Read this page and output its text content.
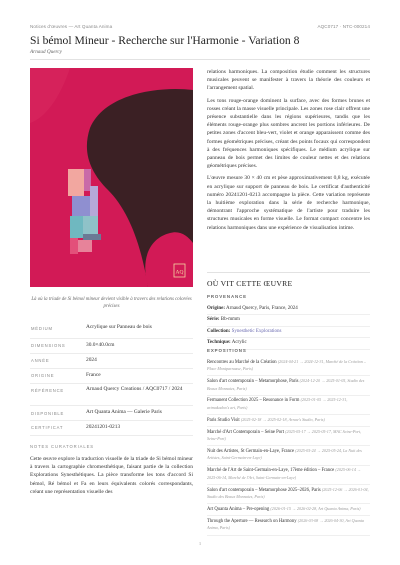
Notices d'œuvres — Art Quanta Anima	AQC0717 · NTC-000214
Si bémol Mineur - Recherche sur l'Harmonie - Variation 8
Arnaud Quercy
AQ
Là où la triade de Si bémol mineur devient visible à travers des relations colorées précises
MÉDIUM	Acrylique sur Panneau de bois
DIMENSIONS	30.0×40.0cm
ANNÉE	2024
ORIGINE	France
RÉFÉRENCE	Arnaud Quercy Creations / AQC0717 / 2024
DISPONIBLE	Art Quanta Anima — Galerie Paris
CERTIFICAT	20241201-0213
NOTES CURATORIALES
Cette œuvre explore la traduction visuelle de la triade de Si bémol mineur à travers la cartographie chromesthétique, faisant partie de la collection Explorations Synesthétiques. La pièce transforme les tons d'accord Si bémol, Ré bémol et Fa en leurs équivalents colorés correspondants, créant une représentation visuelle des

relations harmoniques. La composition étudie comment les structures musicales peuvent se manifester à travers la théorie des couleurs et l'arrangement spatial.

Les tons rouge-orange dominent la surface, avec des formes brunes et rosses créant la masse visuelle principale. Les zones rose clair offrent une présence substantielle dans les régions supérieures, tandis que les éléments rouge-orange plus sombres ancrent les portions inférieures. De petites zones d'accent bleu-vert, violet et orange apparaissent comme des formes géométriques précises, créant des points focaux qui correspondent à des fréquences harmoniques spécifiques. Le médium acrylique sur panneau de bois permet des limites de couleur nettes et des relations géométriques précises.

L'œuvre mesure 30 × 40 cm et pèse approximativement 0,8 kg, exécutée en acrylique sur support de panneau de bois. Le certificat d'authenticité numéro 20241201-0213 accompagne la pièce. Cette variation représente la huitième exploration dans la série de recherche harmonique, démontrant l'approche systématique de l'artiste pour traduire les structures musicales en forme visuelle. Le format compact concentre les relations harmoniques dans une expérience de visualisation intime.

OÙ VIT CETTE ŒUVRE
PROVENANCE
Origine: Arnaud Quercy, Paris, France, 2024
Série: Bb-mmm
Collection: Synesthetic Explorations
Technique: Acrylic
EXPOSITIONS
Rencontres au Marché de la Création (2024-04-21 → 2024-12-31, Marché de la Création – Place Montparnasse, Paris)
Salon d'art contemporain – Metamorphose, Paris (2024-12-20 → 2025-01-05, Studio des Beaux Monnaies, Paris)
Fermanent Collection 2025 – Resonance in Form (2025-01-05 → 2025-12-31, artmakadoo's art, Paris)
Paris Studio Visit (2025-02-18 → 2025-02-18, Arnav's Studio, Paris)
Marché d'Art Contemporain – Seine Port (2025-05-17 → 2025-05-17, MAC Seine-Port, Seine-Port)
Nuit des Artistes, St Germain-en-Laye, France (2025-05-24 → 2025-05-24, La Nuit des Artistes, Saint-Germain-en-Laye)
Marché de l'Art de Saint-Germain-en-Laye, 17ème édition – France (2025-06-14 → 2025-06-14, Marché de l'Art, Saint-Germain-en-Laye)
Salon d'art contemporain – Metamorphose 2025–2026, Paris (2025-12-06 → 2026-01-04, Studio des Beaux Monnaies, Paris)
Art Quanta Anima – Pre-opening (2026-01-15 → 2026-02-28, Art Quanta Anima, Paris)
Through the Aperture — Research on Harmony (2026-03-08 → 2026-04-30, Art Quanta Anima, Paris)
1
